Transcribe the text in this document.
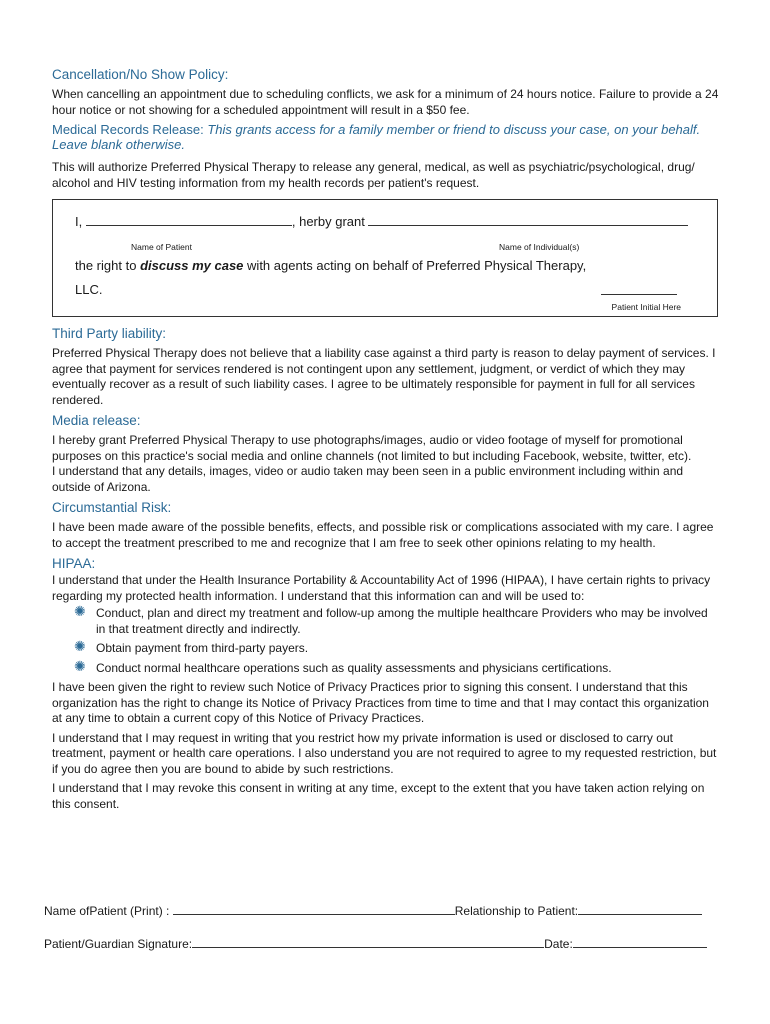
Cancellation/No Show Policy:

When cancelling an appointment due to scheduling conflicts, we ask for a minimum of 24 hours notice. Failure to provide a 24 hour notice or not showing for a scheduled appointment will result in a $50 fee.

Medical Records Release: This grants access for a family member or friend to discuss your case, on your behalf. Leave blank otherwise.

This will authorize Preferred Physical Therapy to release any general, medical, as well as psychiatric/psychological, drug/ alcohol and HIV testing information from my health records per patient's request.

I,	, herby grant
Name of Patient	Name of Individual(s)
the right to discuss my case with agents acting on behalf of Preferred Physical Therapy,
LLC.
Patient Initial Here
Third Party liability:

Preferred Physical Therapy does not believe that a liability case against a third party is reason to delay payment of services. I agree that payment for services rendered is not contingent upon any settlement, judgment, or verdict of which they may eventually recover as a result of such liability cases. I agree to be ultimately responsible for payment in full for all services rendered.

Media release:

I hereby grant Preferred Physical Therapy to use photographs/images, audio or video footage of myself for promotional purposes on this practice's social media and online channels (not limited to but including Facebook, website, twitter, etc).

I understand that any details, images, video or audio taken may been seen in a public environment including within and outside of Arizona.

Circumstantial Risk:

I have been made aware of the possible benefits, effects, and possible risk or complications associated with my care. I agree to accept the treatment prescribed to me and recognize that I am free to seek other opinions relating to my health.

HIPAA:

I understand that under the Health Insurance Portability & Accountability Act of 1996 (HIPAA), I have certain rights to privacy regarding my protected health information. I understand that this information can and will be used to:

✺ Conduct, plan and direct my treatment and follow-up among the multiple healthcare Providers who may be involved in that treatment directly and indirectly.
✺ Obtain payment from third-party payers.
✺ Conduct normal healthcare operations such as quality assessments and physicians certifications.

I have been given the right to review such Notice of Privacy Practices prior to signing this consent. I understand that this organization has the right to change its Notice of Privacy Practices from time to time and that I may contact this organization at any time to obtain a current copy of this Notice of Privacy Practices.

I understand that I may request in writing that you restrict how my private information is used or disclosed to carry out treatment, payment or health care operations. I also understand you are not required to agree to my requested restriction, but if you do agree then you are bound to abide by such restrictions.

I understand that I may revoke this consent in writing at any time, except to the extent that you have taken action relying on this consent.

Name ofPatient (Print) :	Relationship to Patient:
Patient/Guardian Signature:	Date:
